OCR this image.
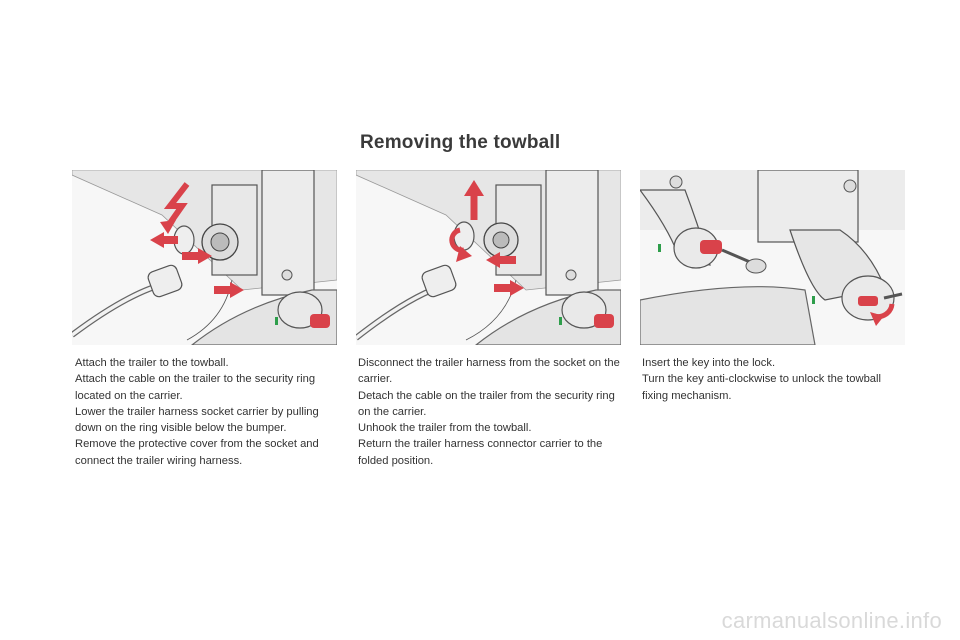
Removing the towball

Attach the trailer to the towball.

Attach the cable on the trailer to the security ring located on the carrier.

Lower the trailer harness socket carrier by pulling down on the ring visible below the bumper.

Remove the protective cover from the socket and connect the trailer wiring harness.

Disconnect the trailer harness from the socket on the carrier.

Detach the cable on the trailer from the security ring on the carrier.

Unhook the trailer from the towball.

Return the trailer harness connector carrier to the folded position.

Insert the key into the lock.

Turn the key anti-clockwise to unlock the towball fixing mechanism.

carmanualsonline.info
